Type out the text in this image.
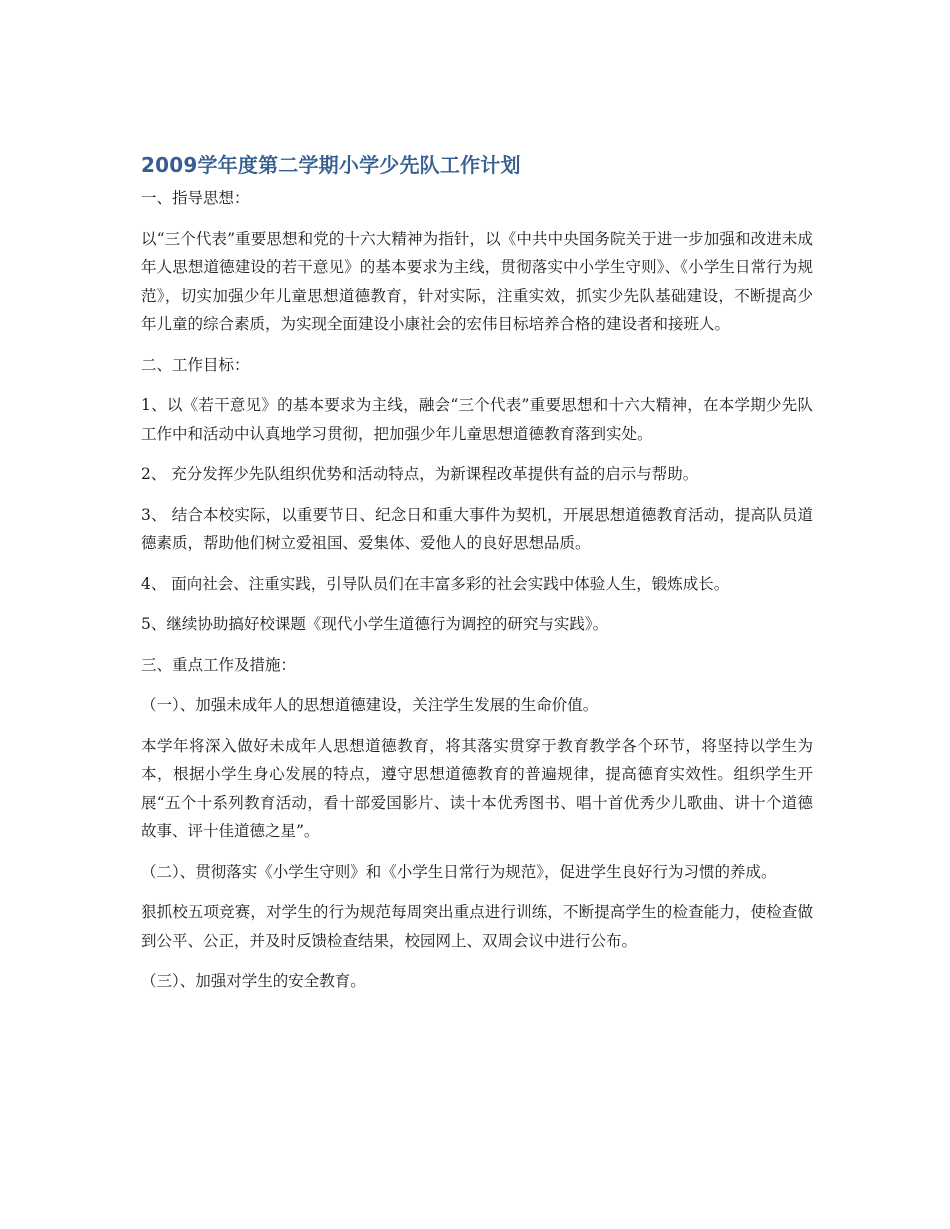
2009学年度第二学期小学少先队工作计划

一、指导思想：

以“三个代表”重要思想和党的十六大精神为指针，以《中共中央国务院关于进一步加强和改进未成年人思想道德建设的若干意见》的基本要求为主线，贯彻落实中小学生守则》、《小学生日常行为规范》，切实加强少年儿童思想道德教育，针对实际，注重实效，抓实少先队基础建设，不断提高少年儿童的综合素质，为实现全面建设小康社会的宏伟目标培养合格的建设者和接班人。

二、工作目标：

1、以《若干意见》的基本要求为主线，融会“三个代表”重要思想和十六大精神，在本学期少先队工作中和活动中认真地学习贯彻，把加强少年儿童思想道德教育落到实处。

2、 充分发挥少先队组织优势和活动特点，为新课程改革提供有益的启示与帮助。

3、 结合本校实际，以重要节日、纪念日和重大事件为契机，开展思想道德教育活动，提高队员道德素质，帮助他们树立爱祖国、爱集体、爱他人的良好思想品质。

4、 面向社会、注重实践，引导队员们在丰富多彩的社会实践中体验人生，锻炼成长。

5、继续协助搞好校课题《现代小学生道德行为调控的研究与实践》。

三、重点工作及措施：

（一）、加强未成年人的思想道德建设，关注学生发展的生命价值。

本学年将深入做好未成年人思想道德教育，将其落实贯穿于教育教学各个环节，将坚持以学生为本，根据小学生身心发展的特点，遵守思想道德教育的普遍规律，提高德育实效性。组织学生开展“五个十系列教育活动，看十部爱国影片、读十本优秀图书、唱十首优秀少儿歌曲、讲十个道德故事、评十佳道德之星”。

（二）、贯彻落实《小学生守则》和《小学生日常行为规范》，促进学生良好行为习惯的养成。

狠抓校五项竞赛，对学生的行为规范每周突出重点进行训练，不断提高学生的检查能力，使检查做到公平、公正，并及时反馈检查结果，校园网上、双周会议中进行公布。

（三）、加强对学生的安全教育。
